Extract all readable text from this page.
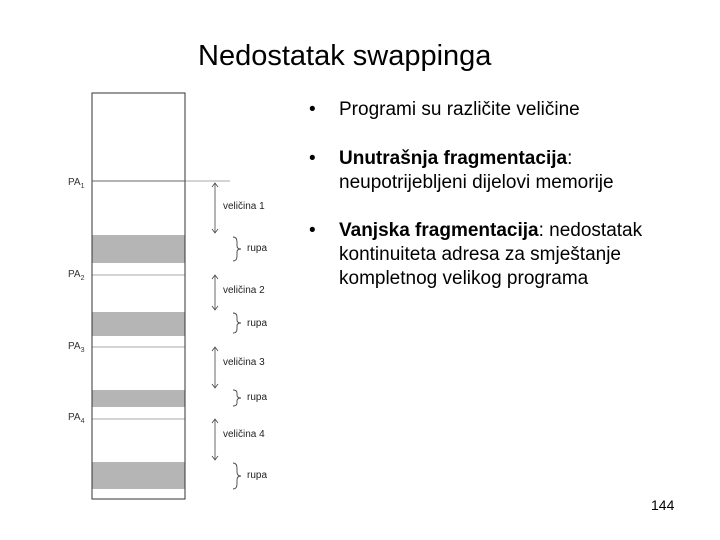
Nedostatak swappinga
$PA_1$
$PA_2$
$PA_3$
$PA_4$
veličina 1
veličina 2
veličina 3
veličina 4
rupa
rupa
rupa
rupa
• Programi su različite veličine
• Unutrašnja fragmentacija: neupotrijebljeni dijelovi memorije
• Vanjska fragmentacija: nedostatak kontinuiteta adresa za smještanje kompletnog velikog programa
144
